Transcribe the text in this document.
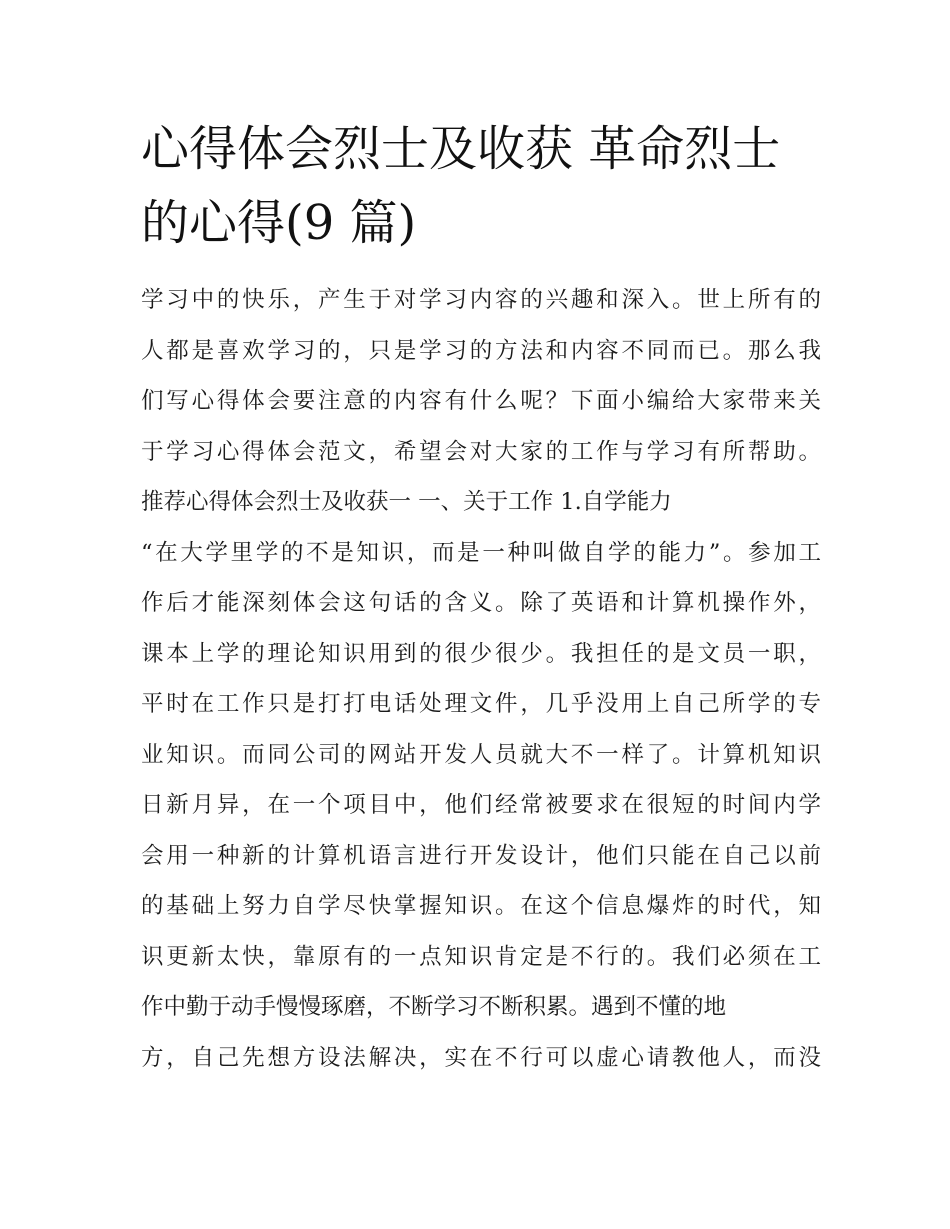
心得体会烈士及收获 革命烈士
的心得(9 篇)
学习中的快乐，产生于对学习内容的兴趣和深入。世上所有的
人都是喜欢学习的，只是学习的方法和内容不同而已。那么我
们写心得体会要注意的内容有什么呢？下面小编给大家带来关
于学习心得体会范文，希望会对大家的工作与学习有所帮助。
推荐心得体会烈士及收获一 一、关于工作 1.自学能力
“在大学里学的不是知识，而是一种叫做自学的能力”。参加工
作后才能深刻体会这句话的含义。除了英语和计算机操作外，
课本上学的理论知识用到的很少很少。我担任的是文员一职，
平时在工作只是打打电话处理文件，几乎没用上自己所学的专
业知识。而同公司的网站开发人员就大不一样了。计算机知识
日新月异，在一个项目中，他们经常被要求在很短的时间内学
会用一种新的计算机语言进行开发设计，他们只能在自己以前
的基础上努力自学尽快掌握知识。在这个信息爆炸的时代，知
识更新太快，靠原有的一点知识肯定是不行的。我们必须在工
作中勤于动手慢慢琢磨，不断学习不断积累。遇到不懂的地
方，自己先想方设法解决，实在不行可以虚心请教他人，而没
